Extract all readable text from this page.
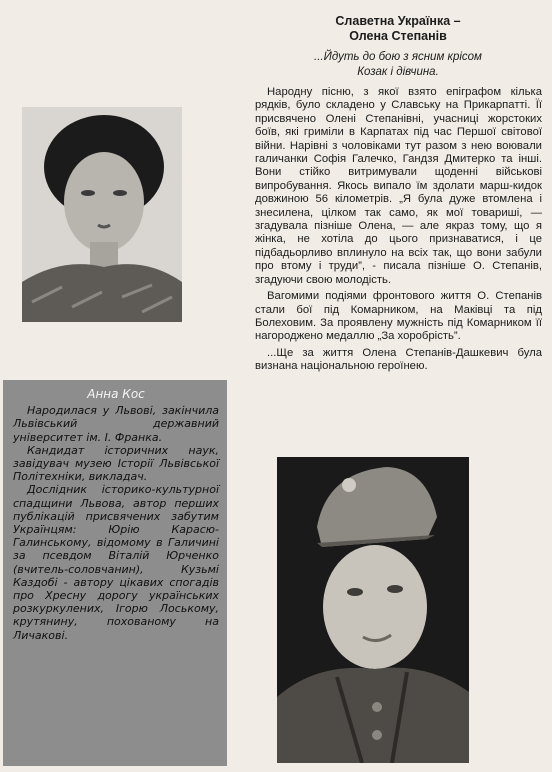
Анна Кос

Народилася у Львові, закінчила Львівський державний університет ім. І. Франка.

Кандидат історичних наук, завідувач музею Історії Львівської Політехніки, викладач.

Дослідник історико-культурної спадщини Львова, автор перших публікацій присвячених забутим Українцям: Юрію Карасю-Галинському, відомому в Галичині за псевдом Віталій Юрченко (вчитель-соловчанин), Кузьмі Каздобі - автору цікавих спогадів про Хресну дорогу українських розкуркулених, Ігорю Лоському, крутянину, похованому на Личакові.

Славетна Українка –
Олена Степанів
...Йдуть до бою з ясним крісом
Козак і дівчина.

Народну пісню, з якої взято епіграфом кілька рядків, було складено у Славську на Прикарпатті. Її присвячено Олені Степанівні, учасниці жорстоких боїв, які гриміли в Карпатах під час Першої світової війни. Нарівні з чоловіками тут разом з нею воювали галичанки Софія Галечко, Гандзя Дмитерко та інші. Вони стійко витримували щоденні військові випробування. Якось випало їм здолати марш-кидок довжиною 56 кілометрів. „Я була дуже втомлена і знесилена, цілком так само, як мої товариші, — згадувала пізніше Олена, — але якраз тому, що я жінка, не хотіла до цього признаватися, і це підбадьорливо вплинуло на всіх так, що вони забули про втому і труди”, - писала пізніше О. Степанів, згадуючи свою молодість.

Вагомими подіями фронтового життя О. Степанів стали бої під Комарником, на Маківці та під Болеховим. За проявлену мужність під Комарником її нагороджено медаллю „За хоробрість”.

...Ще за життя Олена Степанів-Дашкевич була визнана національною героїнею.
